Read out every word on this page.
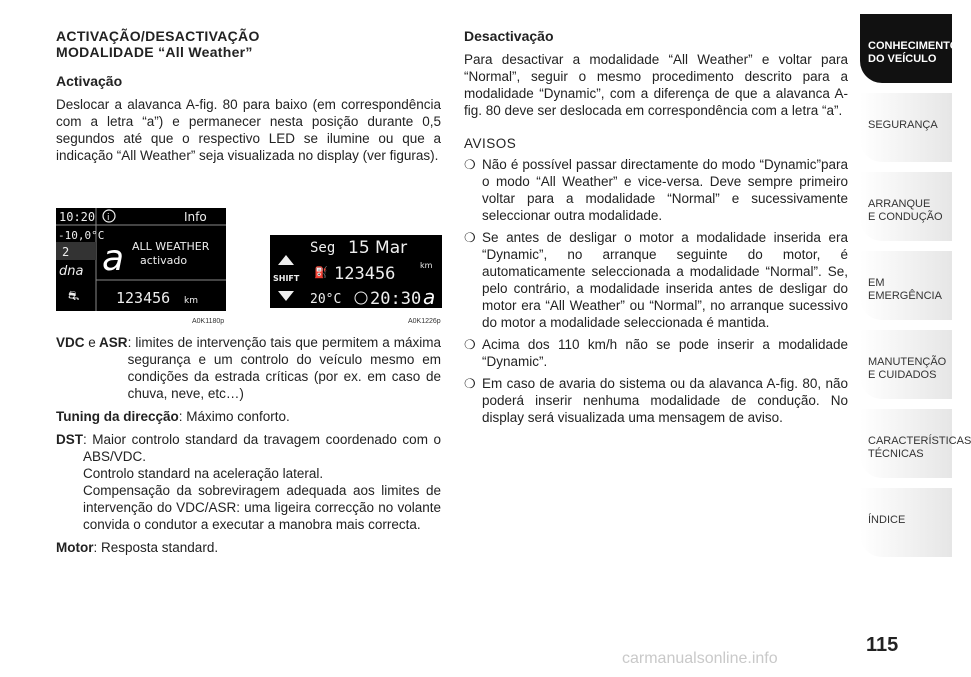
ACTIVAÇÃO/DESACTIVAÇÃO
MODALIDADE “All Weather”
Activação

Deslocar a alavanca A-fig. 80 para baixo (em correspondência com a letra “a”) e permanecer nesta posição durante 0,5 segundos até que o respectivo LED se ilumine ou que a indicação “All Weather” seja visualizada no display (ver figuras).

10:20 i	Info
-10,0°C
2
dna
⛐
a ALL WEATHER
activado
123456 km
A0K1180p
SHIFT
Seg 15 Mar
⛽ 123456	km
20°C 20:30 a
A0K1226p
VDC e ASR : limites de intervenção tais que permitem a máxima segurança e um controlo do veículo mesmo em condições da estrada críticas (por ex. em caso de chuva, neve, etc…)
Tuning da direcção: Máximo conforto.
DST : Maior controlo standard da travagem coordenado com o ABS/VDC.
Controlo standard na aceleração lateral.
Compensação da sobreviragem adequada aos limites de intervenção do VDC/ASR: uma ligeira correcção no volante convida o condutor a executar a manobra mais correcta.
Motor: Resposta standard.
Desactivação

Para desactivar a modalidade “All Weather” e voltar para “Normal”, seguir o mesmo procedimento descrito para a modalidade “Dynamic”, com a diferença de que a alavanca A-fig. 80 deve ser deslocada em correspondência com a letra “a”.

AVISOS
❍ Não é possível passar directamente do modo “Dynamic”para o modo “All Weather” e vice-versa. Deve sempre primeiro voltar para a modalidade “Normal” e sucessivamente seleccionar outra modalidade.
❍ Se antes de desligar o motor a modalidade inserida era “Dynamic”, no arranque seguinte do motor, é automaticamente seleccionada a modalidade “Normal”. Se, pelo contrário, a modalidade inserida antes de desligar do motor era “All Weather” ou “Normal”, no arranque sucessivo do motor a modalidade seleccionada é mantida.
❍ Acima dos 110 km/h não se pode inserir a modalidade “Dynamic”.
❍ Em caso de avaria do sistema ou da alavanca A-fig. 80, não poderá inserir nenhuma modalidade de condução. No display será visualizada uma mensagem de aviso.
CONHECIMENTO
DO VEÍCULO
SEGURANÇA
ARRANQUE
E CONDUÇÃO
EM EMERGÊNCIA
MANUTENÇÃO
E CUIDADOS
CARACTERÍSTICAS
TÉCNICAS
ÍNDICE
115
carmanualsonline.info
